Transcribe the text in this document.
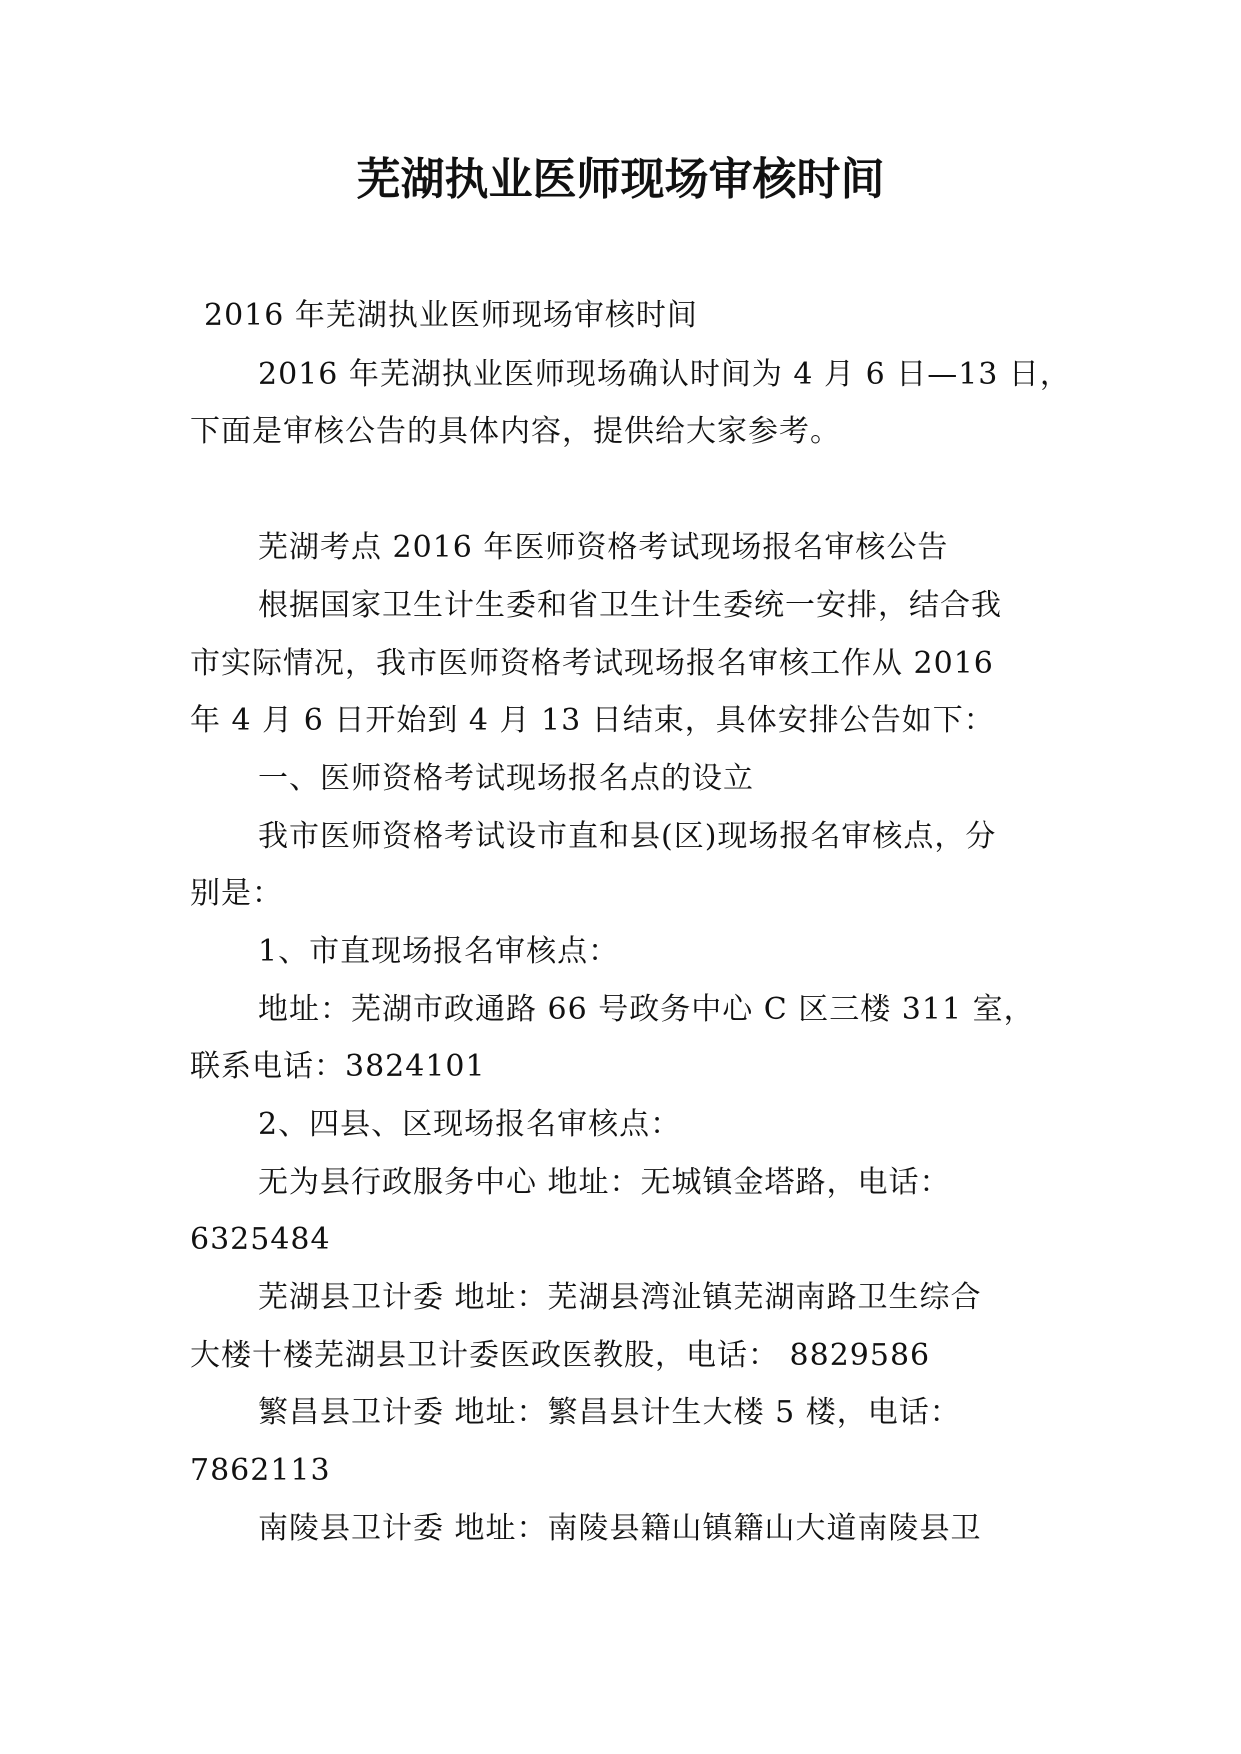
芜湖执业医师现场审核时间
2016 年芜湖执业医师现场审核时间
2016 年芜湖执业医师现场确认时间为 4 月 6 日—13 日，
下面是审核公告的具体内容，提供给大家参考。
芜湖考点 2016 年医师资格考试现场报名审核公告
根据国家卫生计生委和省卫生计生委统一安排，结合我
市实际情况，我市医师资格考试现场报名审核工作从 2016
年 4 月 6 日开始到 4 月 13 日结束，具体安排公告如下：
一、医师资格考试现场报名点的设立
我市医师资格考试设市直和县(区)现场报名审核点，分
别是：
1、市直现场报名审核点：
地址：芜湖市政通路 66 号政务中心 C 区三楼 311 室，
联系电话：3824101
2、四县、区现场报名审核点：
无为县行政服务中心 地址：无城镇金塔路，电话：
6325484
芜湖县卫计委 地址：芜湖县湾沚镇芜湖南路卫生综合
大楼十楼芜湖县卫计委医政医教股，电话： 8829586
繁昌县卫计委 地址：繁昌县计生大楼 5 楼，电话：
7862113
南陵县卫计委 地址：南陵县籍山镇籍山大道南陵县卫
